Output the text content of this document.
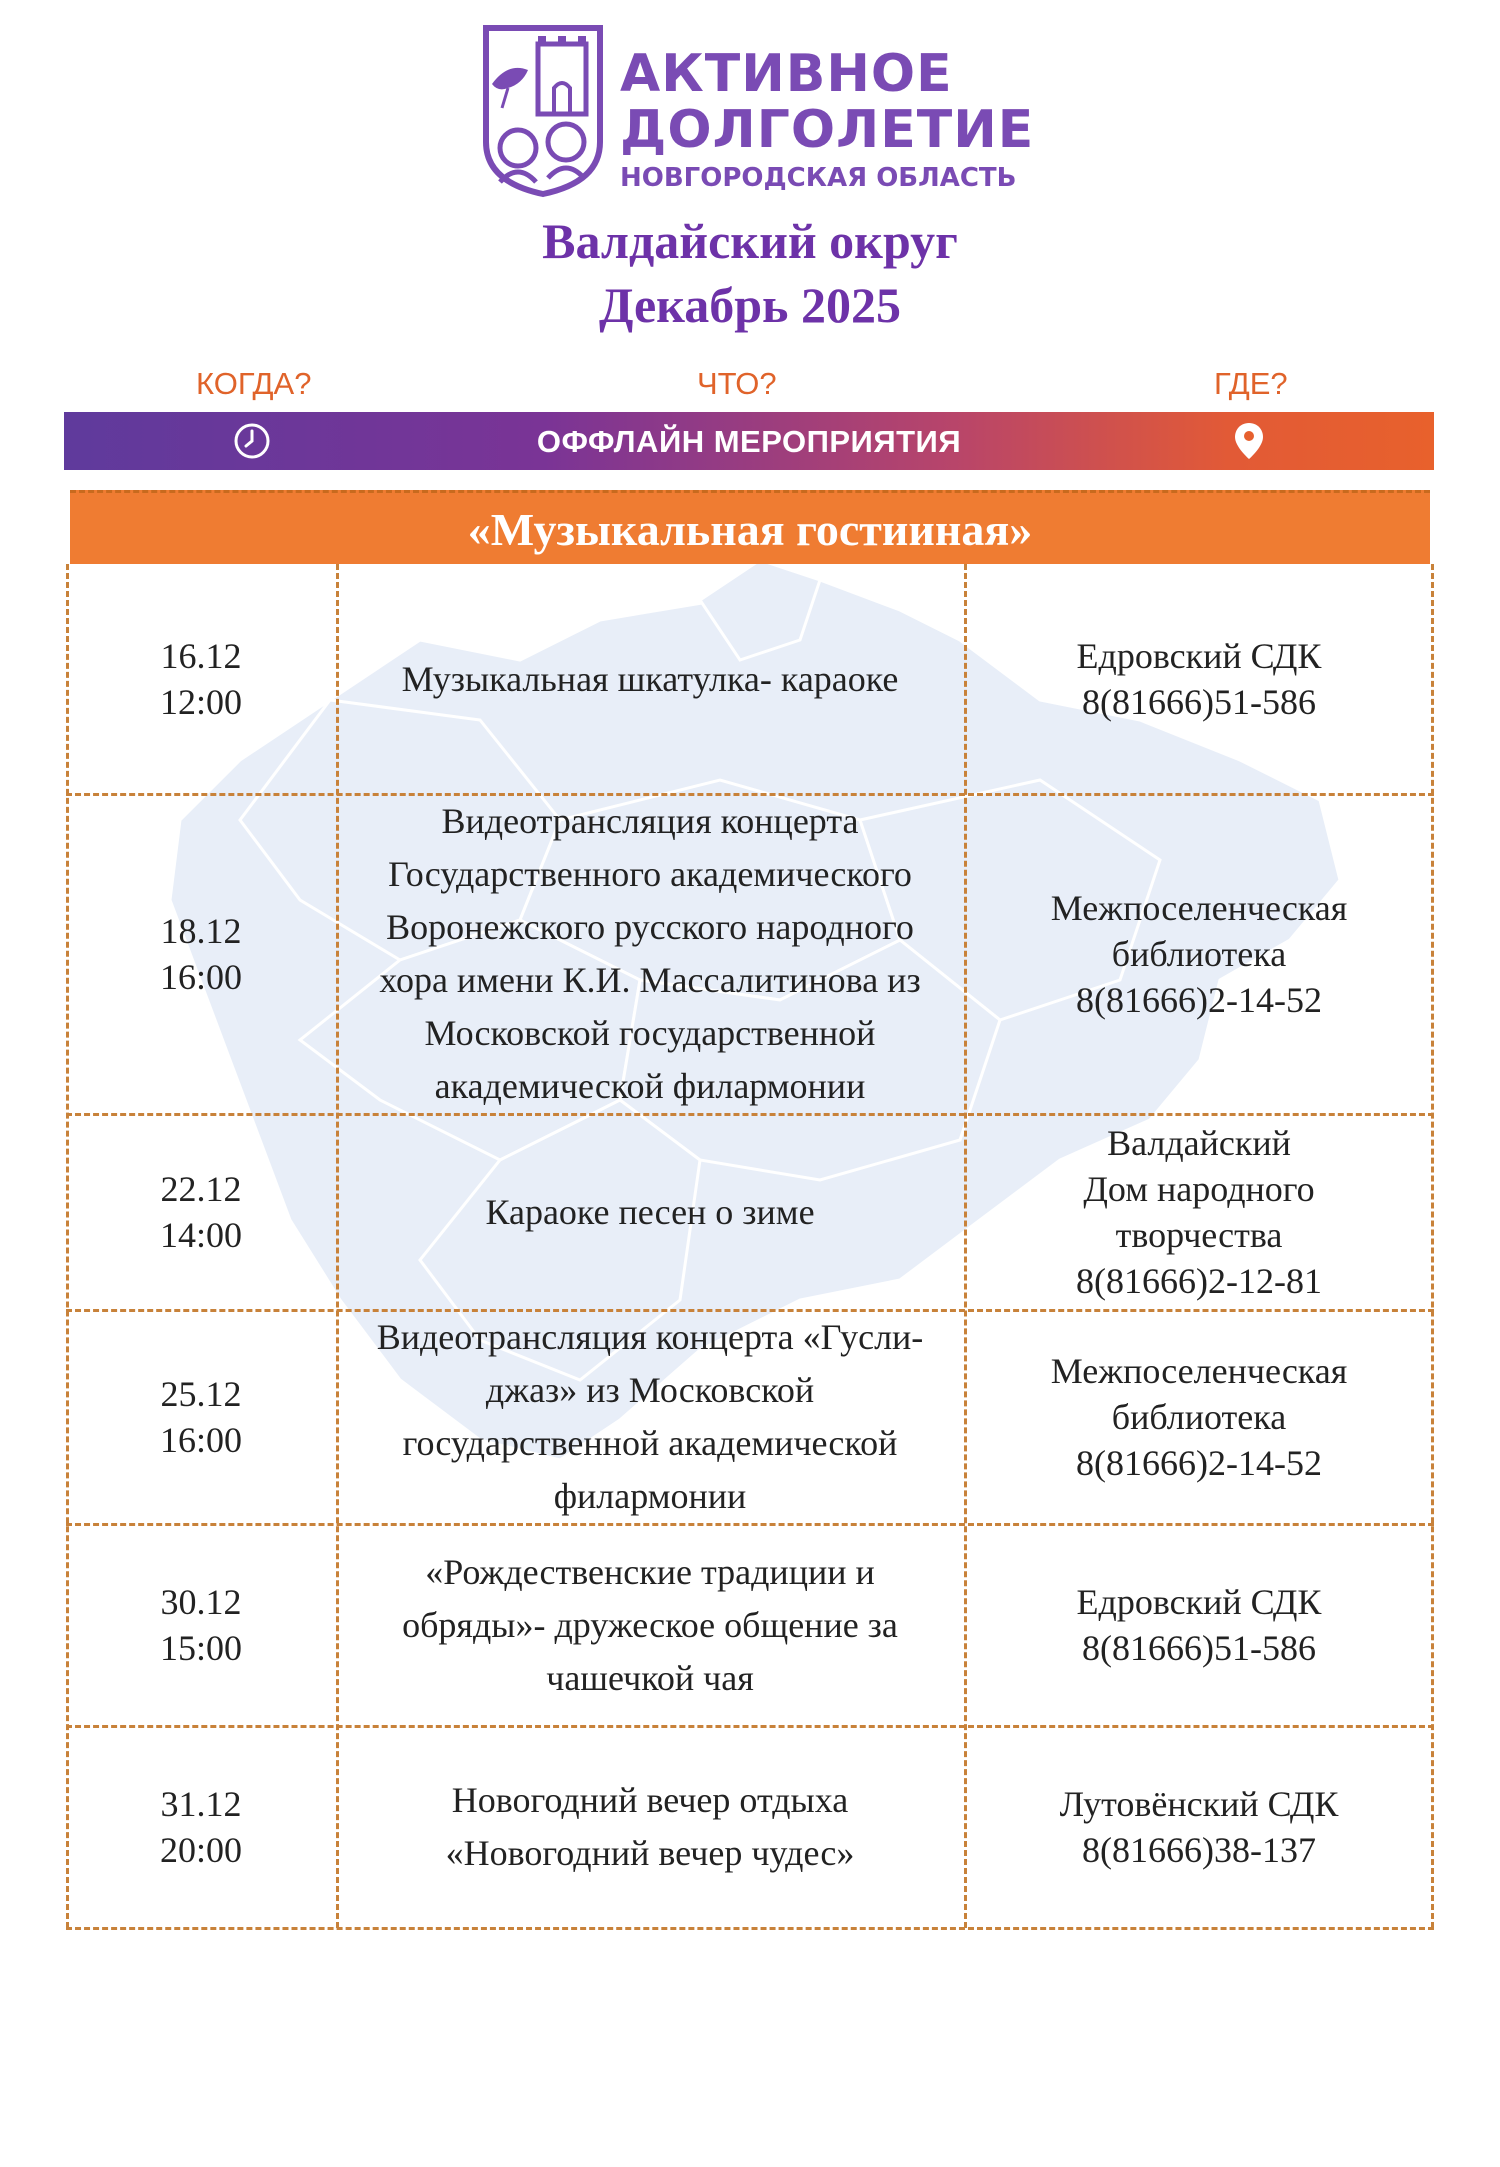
АКТИВНОЕ
ДОЛГОЛЕТИЕ
НОВГОРОДСКАЯ ОБЛАСТЬ
Валдайский округ
Декабрь 2025
КОГДА?	ЧТО?	ГДЕ?
ОФФЛАЙН МЕРОПРИЯТИЯ
«Музыкальная гостииная»
16.12
12:00
Музыкальная шкатулка- караоке
Едровский СДК
8(81666)51-586
18.12
16:00
Видеотрансляция концерта
Государственного академического
Воронежского русского народного
хора имени К.И. Массалитинова из
Московской государственной
академической филармонии
Межпоселенческая
библиотека
8(81666)2-14-52
22.12
14:00
Караоке песен о зиме
Валдайский
Дом народного
творчества
8(81666)2-12-81
25.12
16:00
Видеотрансляция концерта «Гусли-
джаз» из Московской
государственной академической
филармонии
Межпоселенческая
библиотека
8(81666)2-14-52
30.12
15:00
«Рождественские традиции и
обряды»- дружеское общение за
чашечкой чая
Едровский СДК
8(81666)51-586
31.12
20:00
Новогодний вечер отдыха
«Новогодний вечер чудес»
Лутовёнский СДК
8(81666)38-137
